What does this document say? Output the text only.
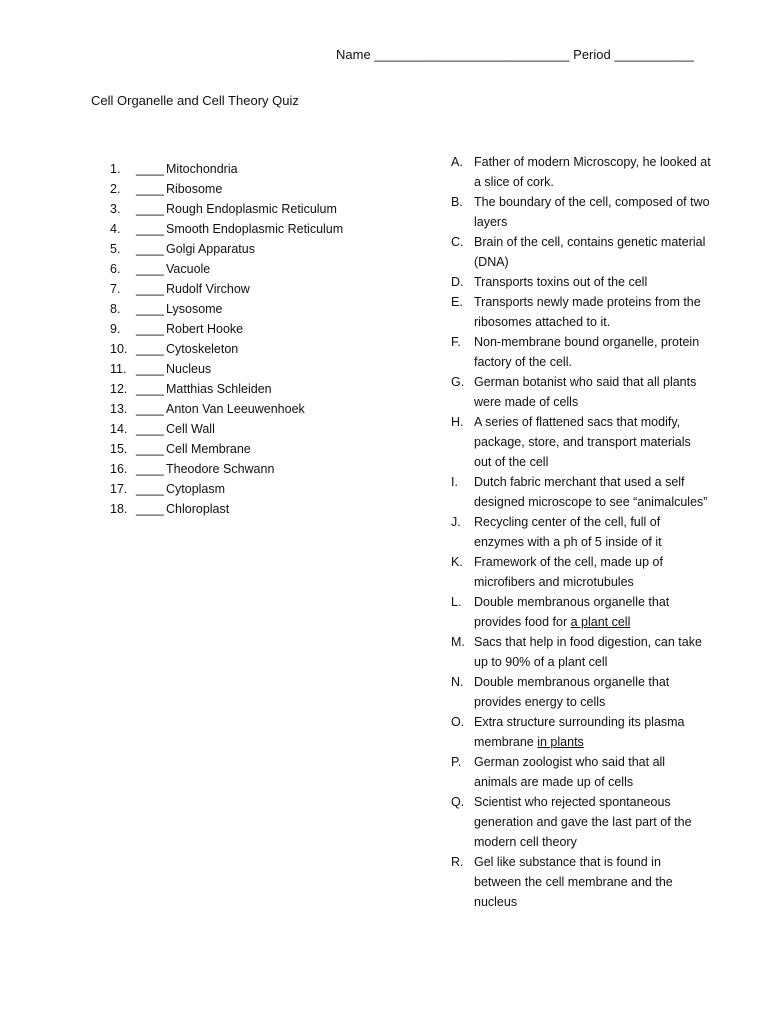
Name ___________________________ Period ___________
Cell Organelle and Cell Theory Quiz
1. ____ Mitochondria
2. ____ Ribosome
3. ____ Rough Endoplasmic Reticulum
4. ____ Smooth Endoplasmic Reticulum
5. ____ Golgi Apparatus
6. ____ Vacuole
7. ____ Rudolf Virchow
8. ____ Lysosome
9. ____ Robert Hooke
10. ____ Cytoskeleton
11. ____ Nucleus
12. ____ Matthias Schleiden
13. ____ Anton Van Leeuwenhoek
14. ____ Cell Wall
15. ____ Cell Membrane
16. ____ Theodore Schwann
17. ____ Cytoplasm
18. ____ Chloroplast
A. Father of modern Microscopy, he looked at a slice of cork.
B. The boundary of the cell, composed of two layers
C. Brain of the cell, contains genetic material (DNA)
D. Transports toxins out of the cell
E. Transports newly made proteins from the ribosomes attached to it.
F.	Non-membrane bound organelle, protein factory of the cell.
G. German botanist who said that all plants were made of cells
H. A series of flattened sacs that modify, package, store, and transport materials out of the cell
I.	Dutch fabric merchant that used a self designed microscope to see “animalcules”
J.	Recycling center of the cell, full of enzymes with a ph of 5 inside of it
K. Framework of the cell, made up of microfibers and microtubules
L.	Double membranous organelle that provides food for a plant cell
M. Sacs that help in food digestion, can take up to 90% of a plant cell
N. Double membranous organelle that provides energy to cells
O. Extra structure surrounding its plasma membrane in plants
P.	German zoologist who said that all animals are made up of cells
Q. Scientist who rejected spontaneous generation and gave the last part of the modern cell theory
R. Gel like substance that is found in between the cell membrane and the nucleus
